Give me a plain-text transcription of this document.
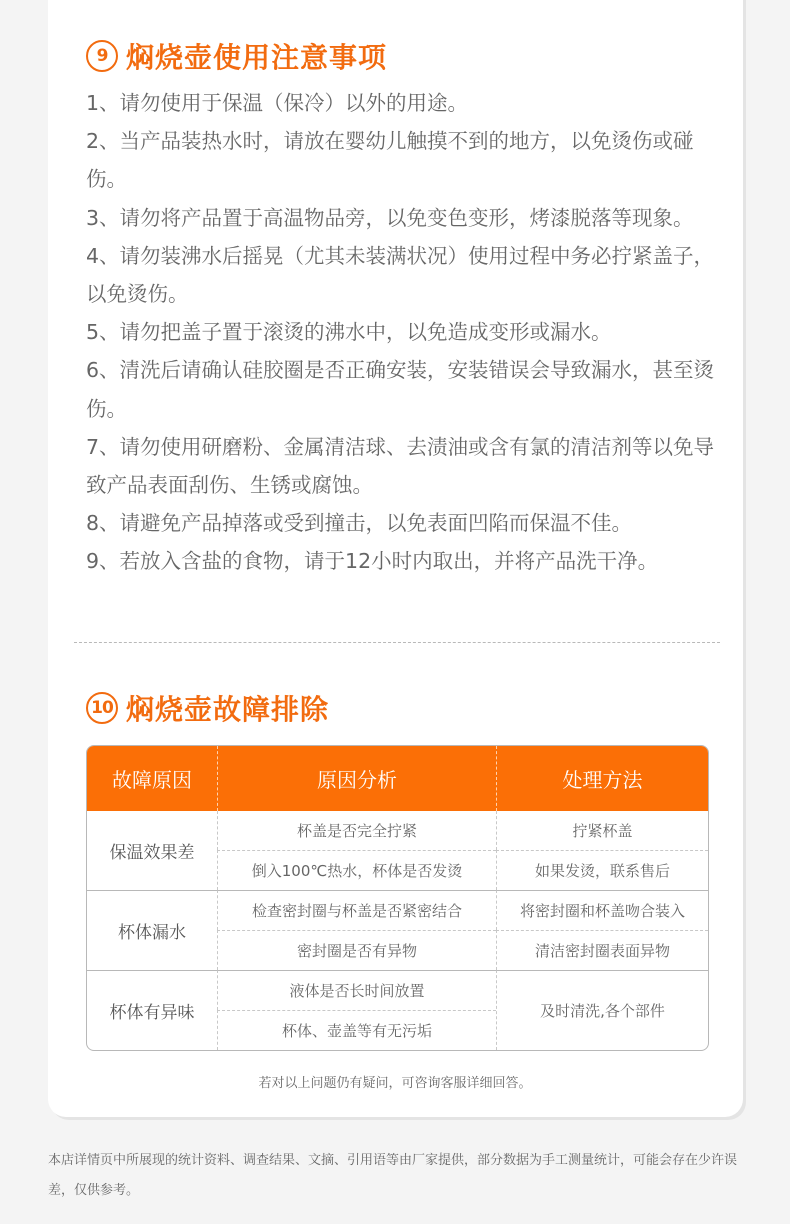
9 焖烧壶使用注意事项

1、请勿使用于保温（保冷）以外的用途。

2、当产品装热水时，请放在婴幼儿触摸不到的地方，以免烫伤或碰伤。

3、请勿将产品置于高温物品旁，以免变色变形，烤漆脱落等现象。

4、请勿装沸水后摇晃（尤其未装满状况）使用过程中务必拧紧盖子，以免烫伤。

5、请勿把盖子置于滚烫的沸水中，以免造成变形或漏水。

6、清洗后请确认硅胶圈是否正确安装，安装错误会导致漏水，甚至烫伤。

7、请勿使用研磨粉、金属清洁球、去渍油或含有氯的清洁剂等以免导致产品表面刮伤、生锈或腐蚀。

8、请避免产品掉落或受到撞击，以免表面凹陷而保温不佳。

9、若放入含盐的食物，请于12小时内取出，并将产品洗干净。

10 焖烧壶故障排除
故障原因	原因分析	处理方法
保温效果差	杯盖是否完全拧紧	拧紧杯盖
	倒入100℃热水，杯体是否发烫	如果发烫，联系售后
杯体漏水	检查密封圈与杯盖是否紧密结合	将密封圈和杯盖吻合装入
	密封圈是否有异物	清洁密封圈表面异物
杯体有异味	液体是否长时间放置	及时清洗,各个部件
	杯体、壶盖等有无污垢	
若对以上问题仍有疑问，可咨询客服详细回答。
本店详情页中所展现的统计资料、调查结果、文摘、引用语等由厂家提供，部分数据为手工测量统计，可能会存在少许误差，仅供参考。
